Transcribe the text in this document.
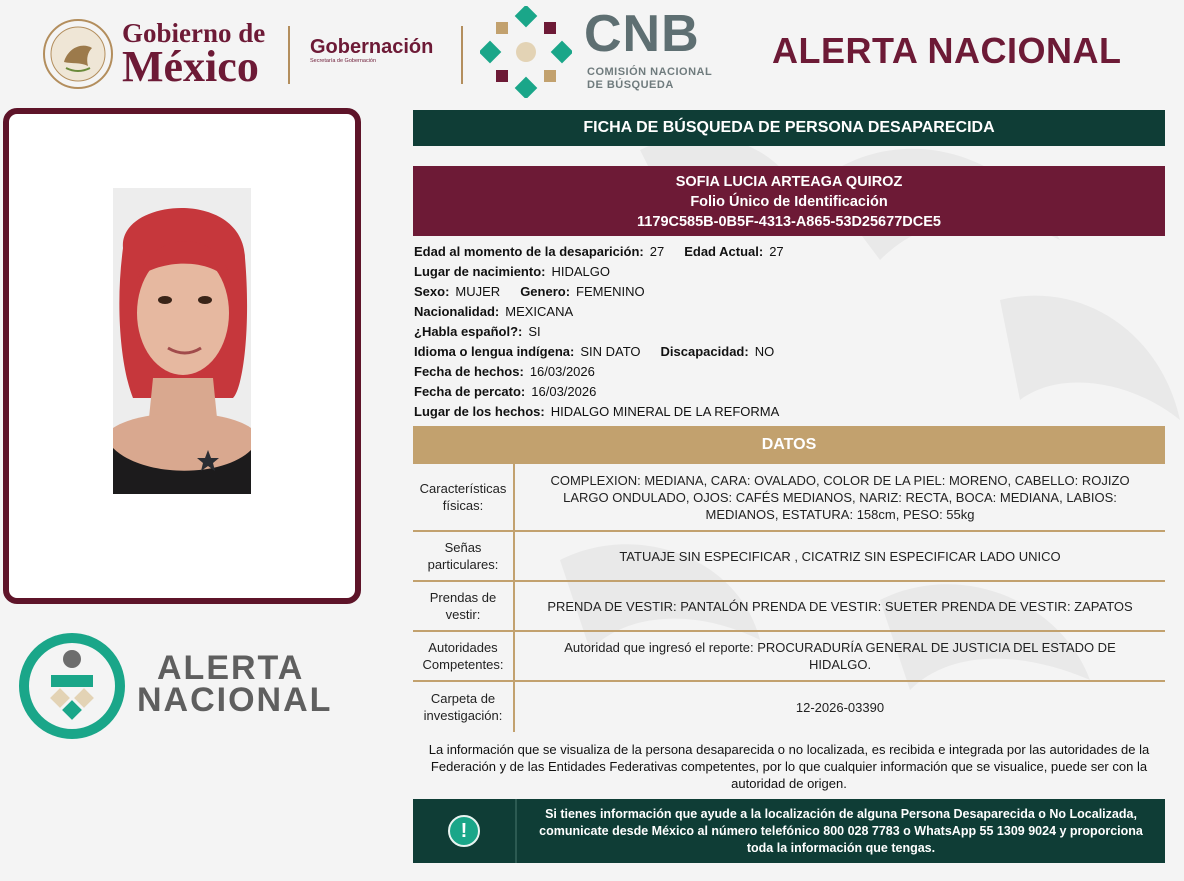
Gobierno de
México	Gobernación
Secretaría de Gobernación	CNB
COMISIÓN NACIONAL
DE BÚSQUEDA
ALERTA NACIONAL
ALERTA
NACIONAL
FICHA DE BÚSQUEDA DE PERSONA DESAPARECIDA
SOFIA LUCIA ARTEAGA QUIROZ
Folio Único de Identificación
1179C585B-0B5F-4313-A865-53D25677DCE5
Edad al momento de la desaparición: 27 Edad Actual: 27
Lugar de nacimiento: HIDALGO
Sexo: MUJER Genero: FEMENINO
Nacionalidad: MEXICANA
¿Habla español?: SI
Idioma o lengua indígena: SIN DATO Discapacidad: NO
Fecha de hechos: 16/03/2026
Fecha de percato: 16/03/2026
Lugar de los hechos: HIDALGO MINERAL DE LA REFORMA
DATOS
Características físicas:
COMPLEXION: MEDIANA, CARA: OVALADO, COLOR DE LA PIEL: MORENO, CABELLO: ROJIZO LARGO ONDULADO, OJOS: CAFÉS MEDIANOS, NARIZ: RECTA, BOCA: MEDIANA, LABIOS: MEDIANOS, ESTATURA: 158cm, PESO: 55kg
Señas particulares:
TATUAJE SIN ESPECIFICAR , CICATRIZ SIN ESPECIFICAR LADO UNICO
Prendas de vestir:
PRENDA DE VESTIR: PANTALÓN PRENDA DE VESTIR: SUETER PRENDA DE VESTIR: ZAPATOS
Autoridades Competentes:
Autoridad que ingresó el reporte: PROCURADURÍA GENERAL DE JUSTICIA DEL ESTADO DE HIDALGO.
Carpeta de investigación:
12-2026-03390
La información que se visualiza de la persona desaparecida o no localizada, es recibida e integrada por las autoridades de la Federación y de las Entidades Federativas competentes, por lo que cualquier información que se visualice, puede ser con la autoridad de origen.
!
Si tienes información que ayude a la localización de alguna Persona Desaparecida o No Localizada, comunicate desde México al número telefónico 800 028 7783 o WhatsApp 55 1309 9024 y proporciona toda la información que tengas.
